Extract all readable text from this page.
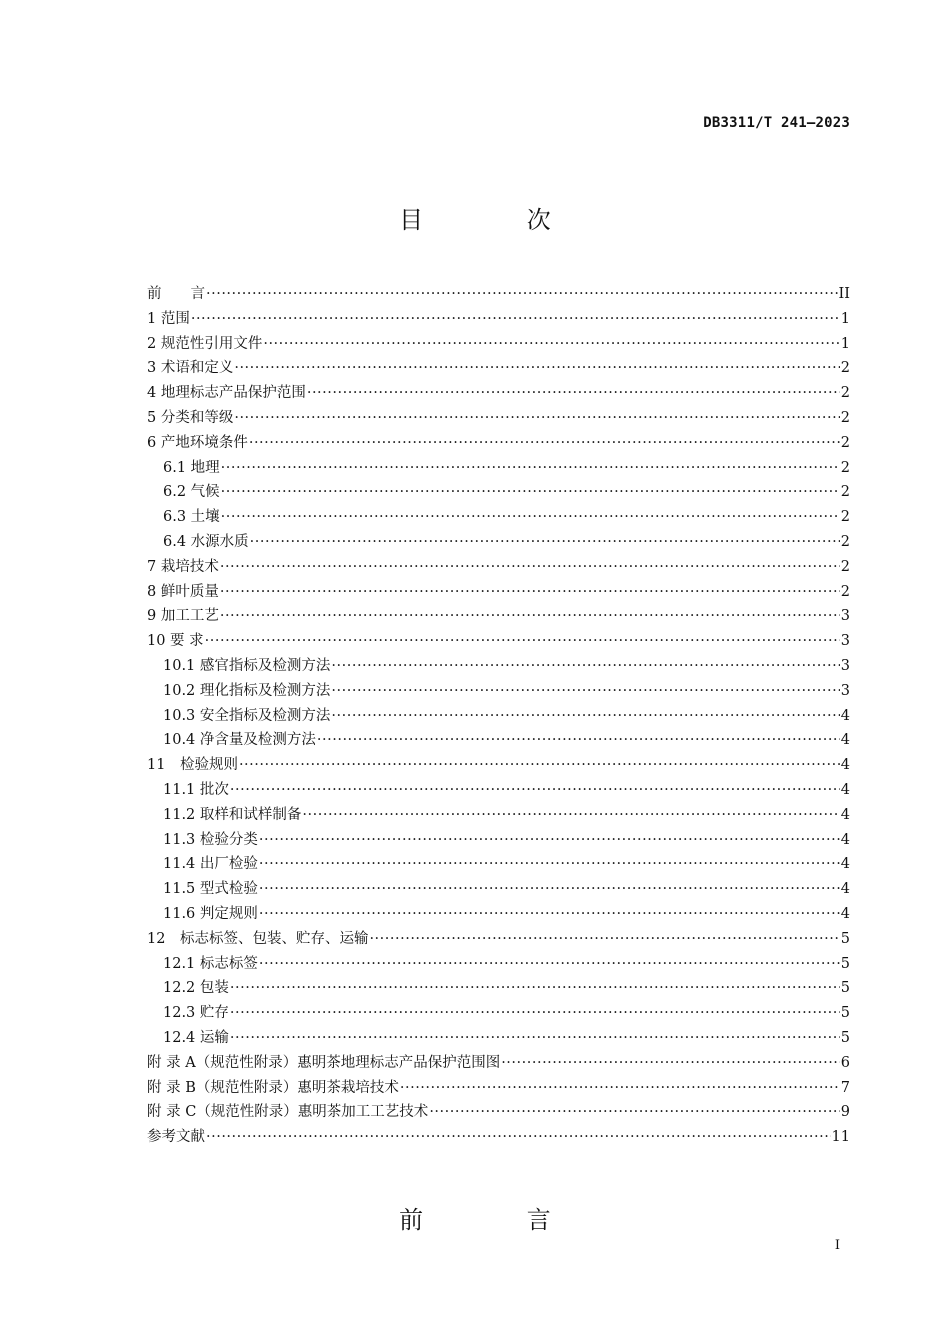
DB3311/T 241—2023
目 次
前　　言 ·····	II
1 范围 ·····	1
2 规范性引用文件 ·····	1
3 术语和定义 ·····	2
4 地理标志产品保护范围 ·····	2
5 分类和等级 ·····	2
6 产地环境条件 ·····	2
6.1 地理 ·····	2
6.2 气候 ·····	2
6.3 土壤 ·····	2
6.4 水源水质 ·····	2
7 栽培技术 ·····	2
8 鲜叶质量 ·····	2
9 加工工艺 ·····	3
10 要 求 ·····	3
10.1 感官指标及检测方法 ·····	3
10.2 理化指标及检测方法 ·····	3
10.3 安全指标及检测方法 ·····	4
10.4 净含量及检测方法 ·····	4
11　检验规则 ·····	4
11.1 批次 ·····	4
11.2 取样和试样制备 ·····	4
11.3 检验分类 ·····	4
11.4 出厂检验 ·····	4
11.5 型式检验 ·····	4
11.6 判定规则 ·····	4
12　标志标签、包装、贮存、运输 ·····	5
12.1 标志标签 ·····	5
12.2 包装 ·····	5
12.3 贮存 ·····	5
12.4 运输 ·····	5
附 录 A（规范性附录）惠明茶地理标志产品保护范围图 ·····	6
附 录 B（规范性附录）惠明茶栽培技术 ·····	7
附 录 C（规范性附录）惠明茶加工工艺技术 ·····	9
参考文献 ·····	11
前 言
I
